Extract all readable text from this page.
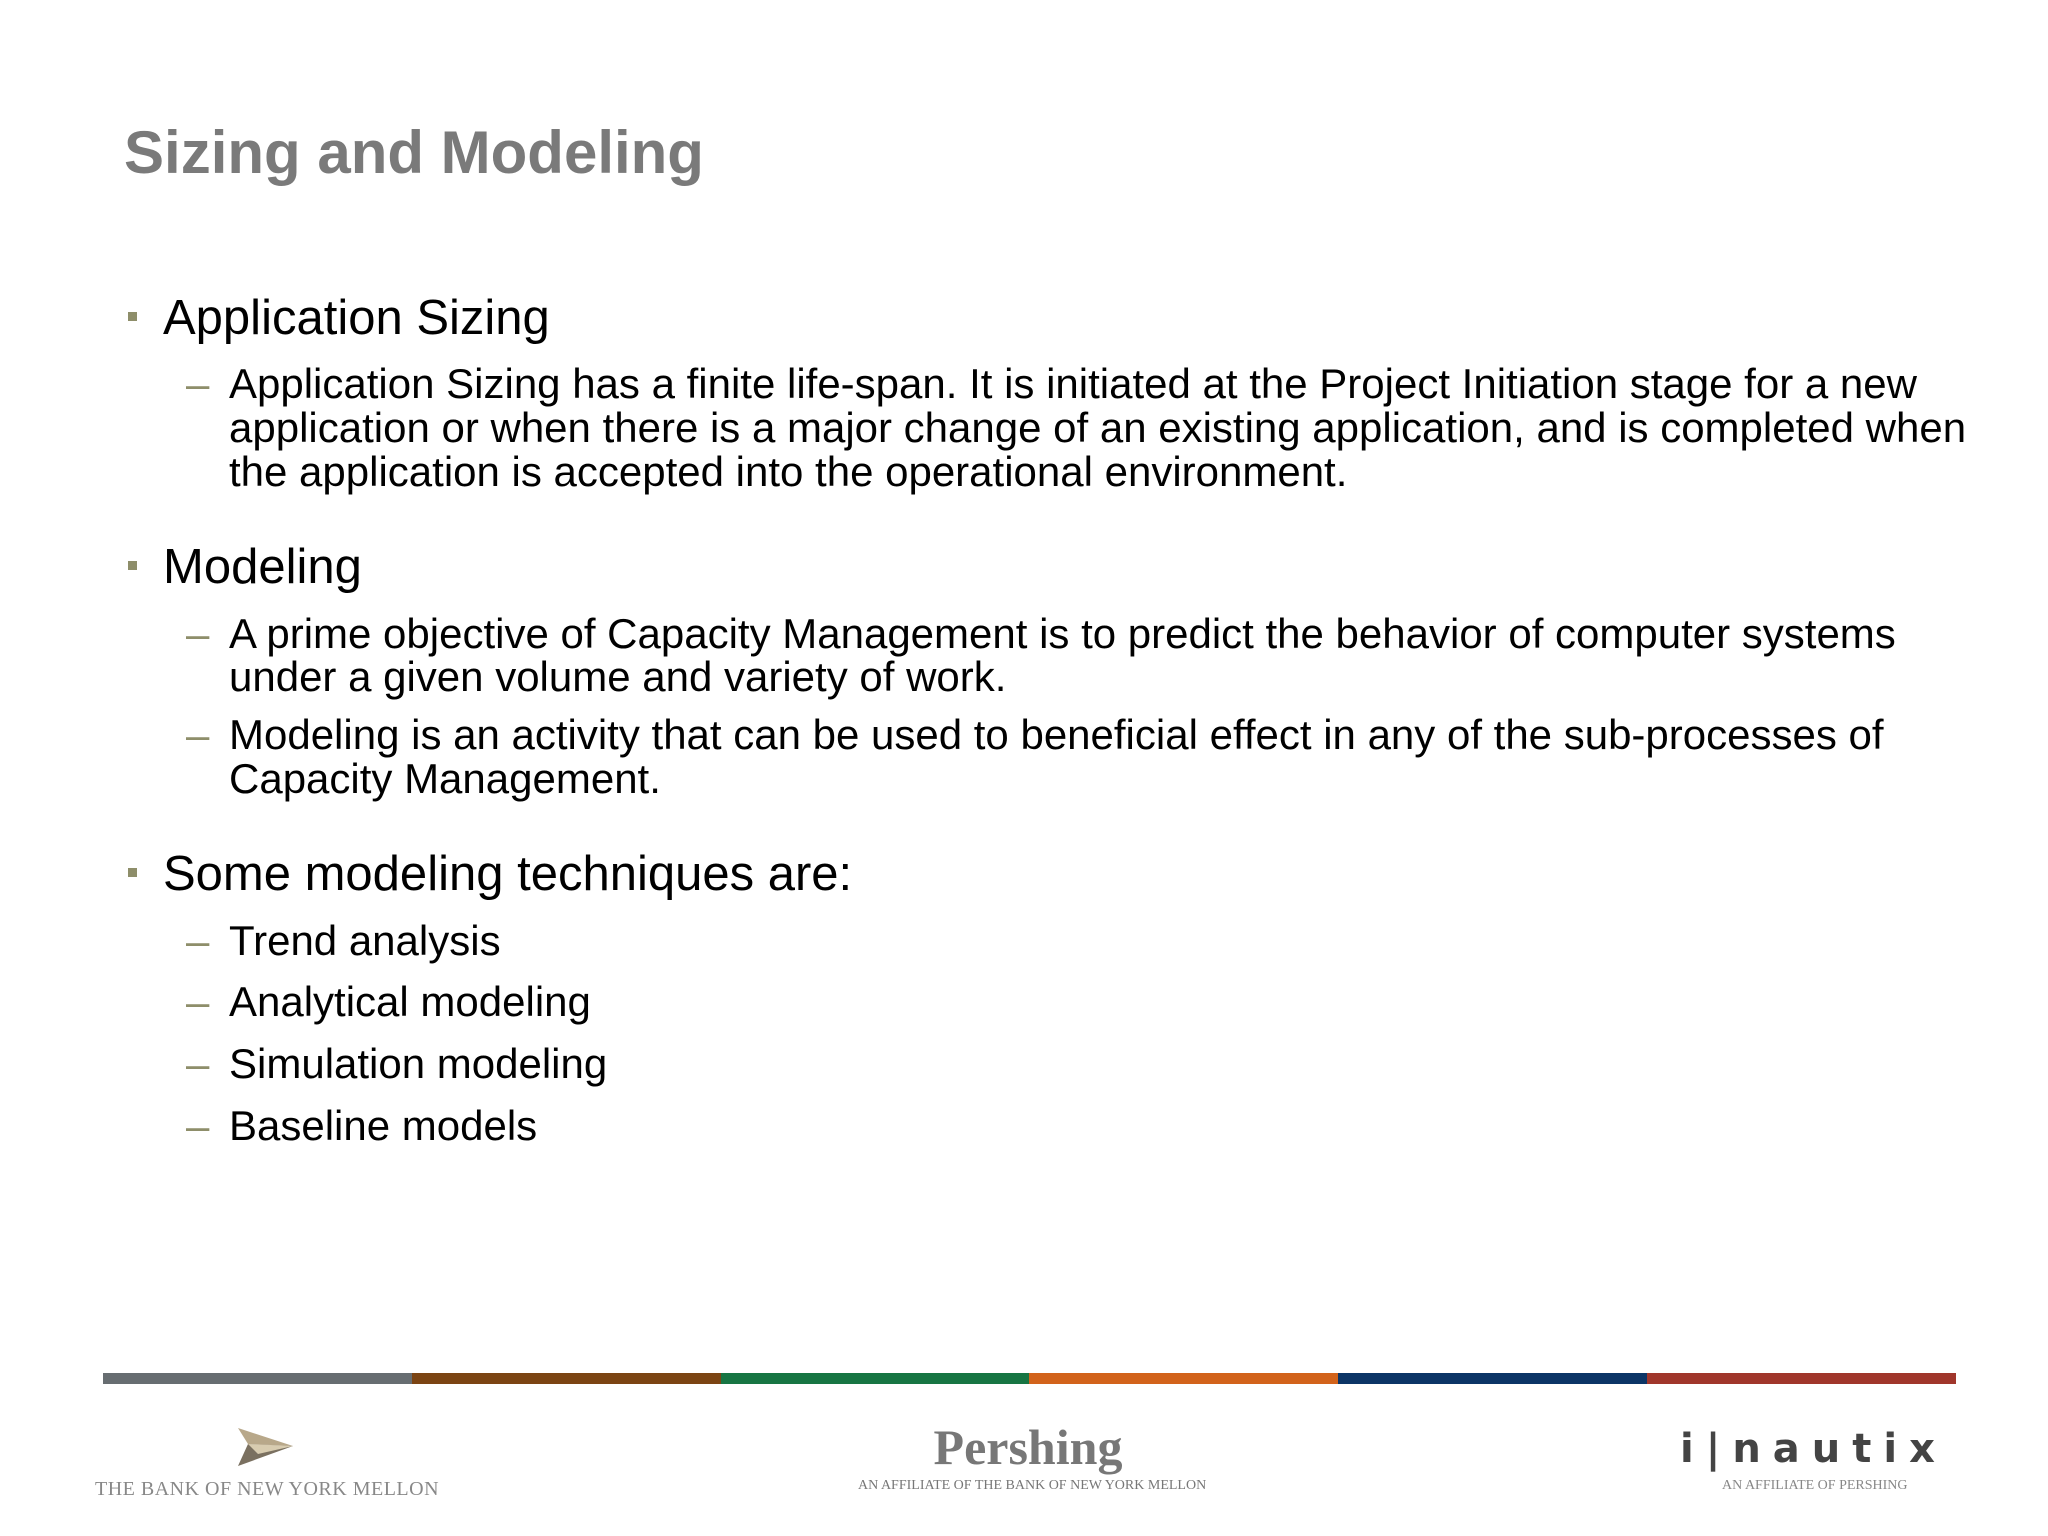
Sizing and Modeling

Application Sizing

– Application Sizing has a finite life-span. It is initiated at the Project Initiation stage for a new application or when there is a major change of an existing application, and is completed when the application is accepted into the operational environment.

Modeling

– A prime objective of Capacity Management is to predict the behavior of computer systems under a given volume and variety of work.

– Modeling is an activity that can be used to beneficial effect in any of the sub-processes of Capacity Management.

Some modeling techniques are:

– Trend analysis

– Analytical modeling

– Simulation modeling

– Baseline models

THE BANK OF NEW YORK MELLON
Pershing
AN AFFILIATE OF THE BANK OF NEW YORK MELLON
i|nautix
AN AFFILIATE OF PERSHING
